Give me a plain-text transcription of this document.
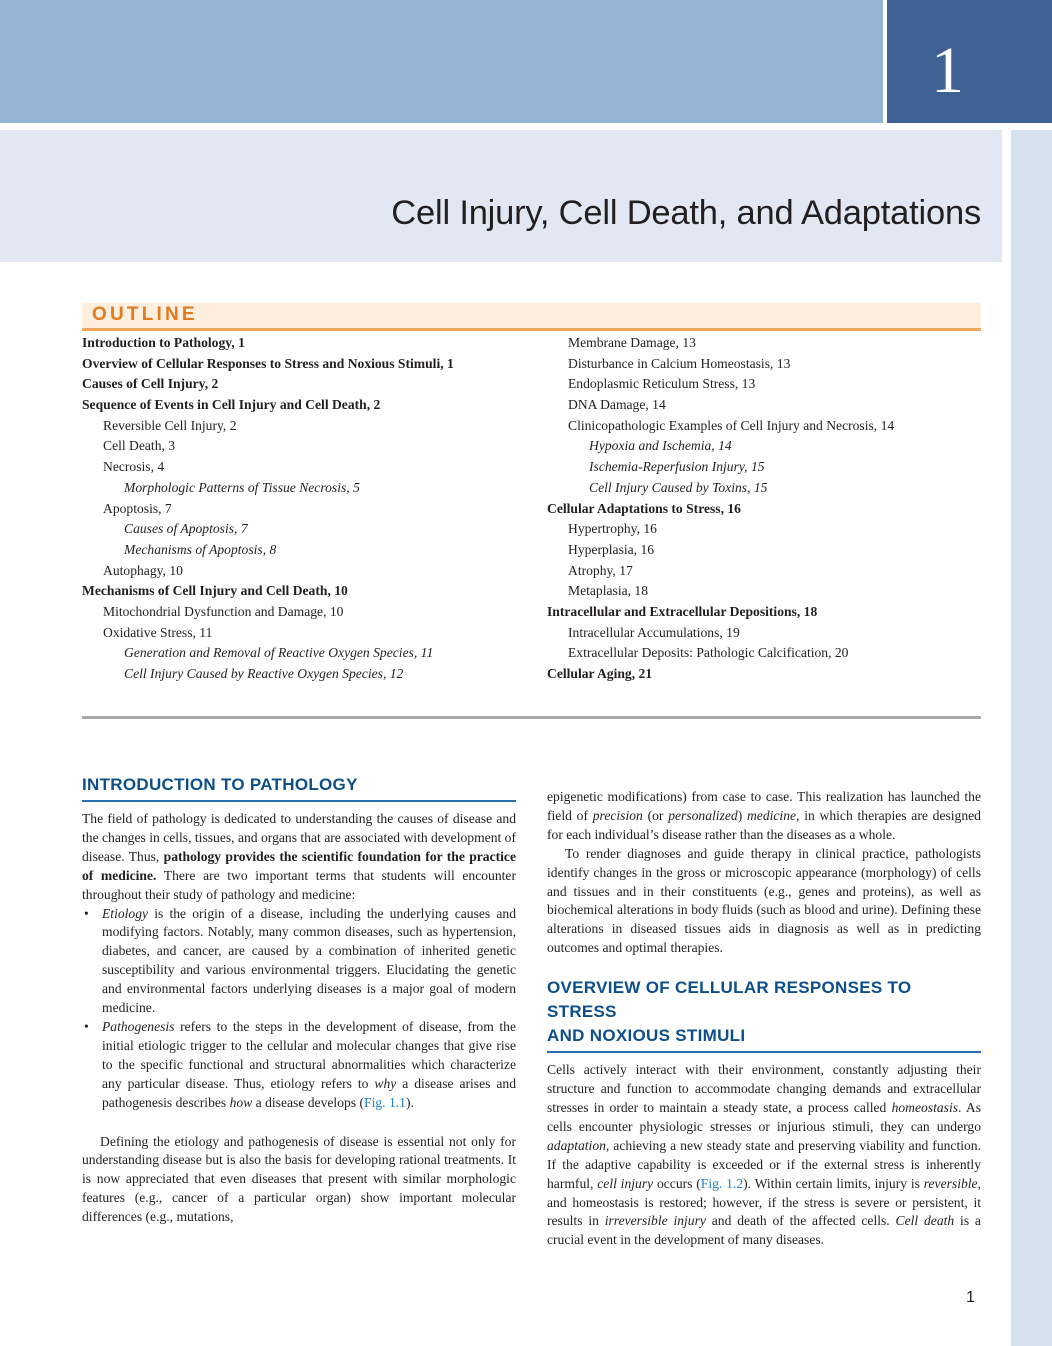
1
Cell Injury, Cell Death, and Adaptations
OUTLINE
Introduction to Pathology, 1
Overview of Cellular Responses to Stress and Noxious Stimuli, 1
Causes of Cell Injury, 2
Sequence of Events in Cell Injury and Cell Death, 2
Reversible Cell Injury, 2
Cell Death, 3
Necrosis, 4
Morphologic Patterns of Tissue Necrosis, 5
Apoptosis, 7
Causes of Apoptosis, 7
Mechanisms of Apoptosis, 8
Autophagy, 10
Mechanisms of Cell Injury and Cell Death, 10
Mitochondrial Dysfunction and Damage, 10
Oxidative Stress, 11
Generation and Removal of Reactive Oxygen Species, 11
Cell Injury Caused by Reactive Oxygen Species, 12
Membrane Damage, 13
Disturbance in Calcium Homeostasis, 13
Endoplasmic Reticulum Stress, 13
DNA Damage, 14
Clinicopathologic Examples of Cell Injury and Necrosis, 14
Hypoxia and Ischemia, 14
Ischemia-Reperfusion Injury, 15
Cell Injury Caused by Toxins, 15
Cellular Adaptations to Stress, 16
Hypertrophy, 16
Hyperplasia, 16
Atrophy, 17
Metaplasia, 18
Intracellular and Extracellular Depositions, 18
Intracellular Accumulations, 19
Extracellular Deposits: Pathologic Calcification, 20
Cellular Aging, 21
INTRODUCTION TO PATHOLOGY

The field of pathology is dedicated to understanding the causes of disease and the changes in cells, tissues, and organs that are associated with development of disease. Thus, pathology provides the scientific foundation for the practice of medicine. There are two important terms that students will encounter throughout their study of pathology and medicine:

• Etiology is the origin of a disease, including the underlying causes and modifying factors. Notably, many common diseases, such as hypertension, diabetes, and cancer, are caused by a combination of inherited genetic susceptibility and various environmental triggers. Elucidating the genetic and environmental factors underlying diseases is a major goal of modern medicine.

• Pathogenesis refers to the steps in the development of disease, from the initial etiologic trigger to the cellular and molecular changes that give rise to the specific functional and structural abnormalities which characterize any particular disease. Thus, etiology refers to why a disease arises and pathogenesis describes how a disease develops (Fig. 1.1).

Defining the etiology and pathogenesis of disease is essential not only for understanding disease but is also the basis for developing rational treatments. It is now appreciated that even diseases that present with similar morphologic features (e.g., cancer of a particular organ) show important molecular differences (e.g., mutations,

epigenetic modifications) from case to case. This realization has launched the field of precision (or personalized) medicine, in which therapies are designed for each individual’s disease rather than the diseases as a whole.

To render diagnoses and guide therapy in clinical practice, pathologists identify changes in the gross or microscopic appearance (morphology) of cells and tissues and in their constituents (e.g., genes and proteins), as well as biochemical alterations in body fluids (such as blood and urine). Defining these alterations in diseased tissues aids in diagnosis as well as in predicting outcomes and optimal therapies.

OVERVIEW OF CELLULAR RESPONSES TO STRESS
AND NOXIOUS STIMULI

Cells actively interact with their environment, constantly adjusting their structure and function to accommodate changing demands and extracellular stresses in order to maintain a steady state, a process called homeostasis. As cells encounter physiologic stresses or injurious stimuli, they can undergo adaptation, achieving a new steady state and preserving viability and function. If the adaptive capability is exceeded or if the external stress is inherently harmful, cell injury occurs (Fig. 1.2). Within certain limits, injury is reversible, and homeostasis is restored; however, if the stress is severe or persistent, it results in irreversible injury and death of the affected cells. Cell death is a crucial event in the development of many diseases.

1
